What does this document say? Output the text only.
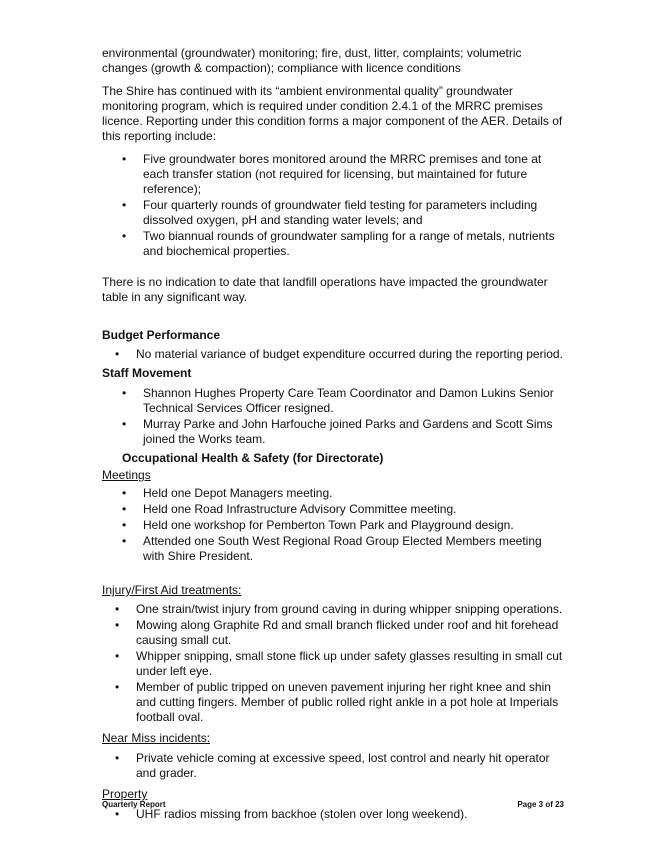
environmental (groundwater) monitoring; fire, dust, litter, complaints; volumetric changes (growth & compaction); compliance with licence conditions

The Shire has continued with its “ambient environmental quality” groundwater monitoring program, which is required under condition 2.4.1 of the MRRC premises licence. Reporting under this condition forms a major component of the AER. Details of this reporting include:

• Five groundwater bores monitored around the MRRC premises and tone at each transfer station (not required for licensing, but maintained for future reference);
• Four quarterly rounds of groundwater field testing for parameters including dissolved oxygen, pH and standing water levels; and
• Two biannual rounds of groundwater sampling for a range of metals, nutrients and biochemical properties.

There is no indication to date that landfill operations have impacted the groundwater table in any significant way.

Budget Performance

• No material variance of budget expenditure occurred during the reporting period.

Staff Movement

• Shannon Hughes Property Care Team Coordinator and Damon Lukins Senior Technical Services Officer resigned.
• Murray Parke and John Harfouche joined Parks and Gardens and Scott Sims joined the Works team.

Occupational Health & Safety (for Directorate)

Meetings

• Held one Depot Managers meeting.
• Held one Road Infrastructure Advisory Committee meeting.
• Held one workshop for Pemberton Town Park and Playground design.
• Attended one South West Regional Road Group Elected Members meeting with Shire President.

Injury/First Aid treatments:

• One strain/twist injury from ground caving in during whipper snipping operations.
• Mowing along Graphite Rd and small branch flicked under roof and hit forehead causing small cut.
• Whipper snipping, small stone flick up under safety glasses resulting in small cut under left eye.
• Member of public tripped on uneven pavement injuring her right knee and shin and cutting fingers. Member of public rolled right ankle in a pot hole at Imperials football oval.

Near Miss incidents:

• Private vehicle coming at excessive speed, lost control and nearly hit operator and grader.

Property

• UHF radios missing from backhoe (stolen over long weekend).
Quarterly Report	Page 3 of 23
